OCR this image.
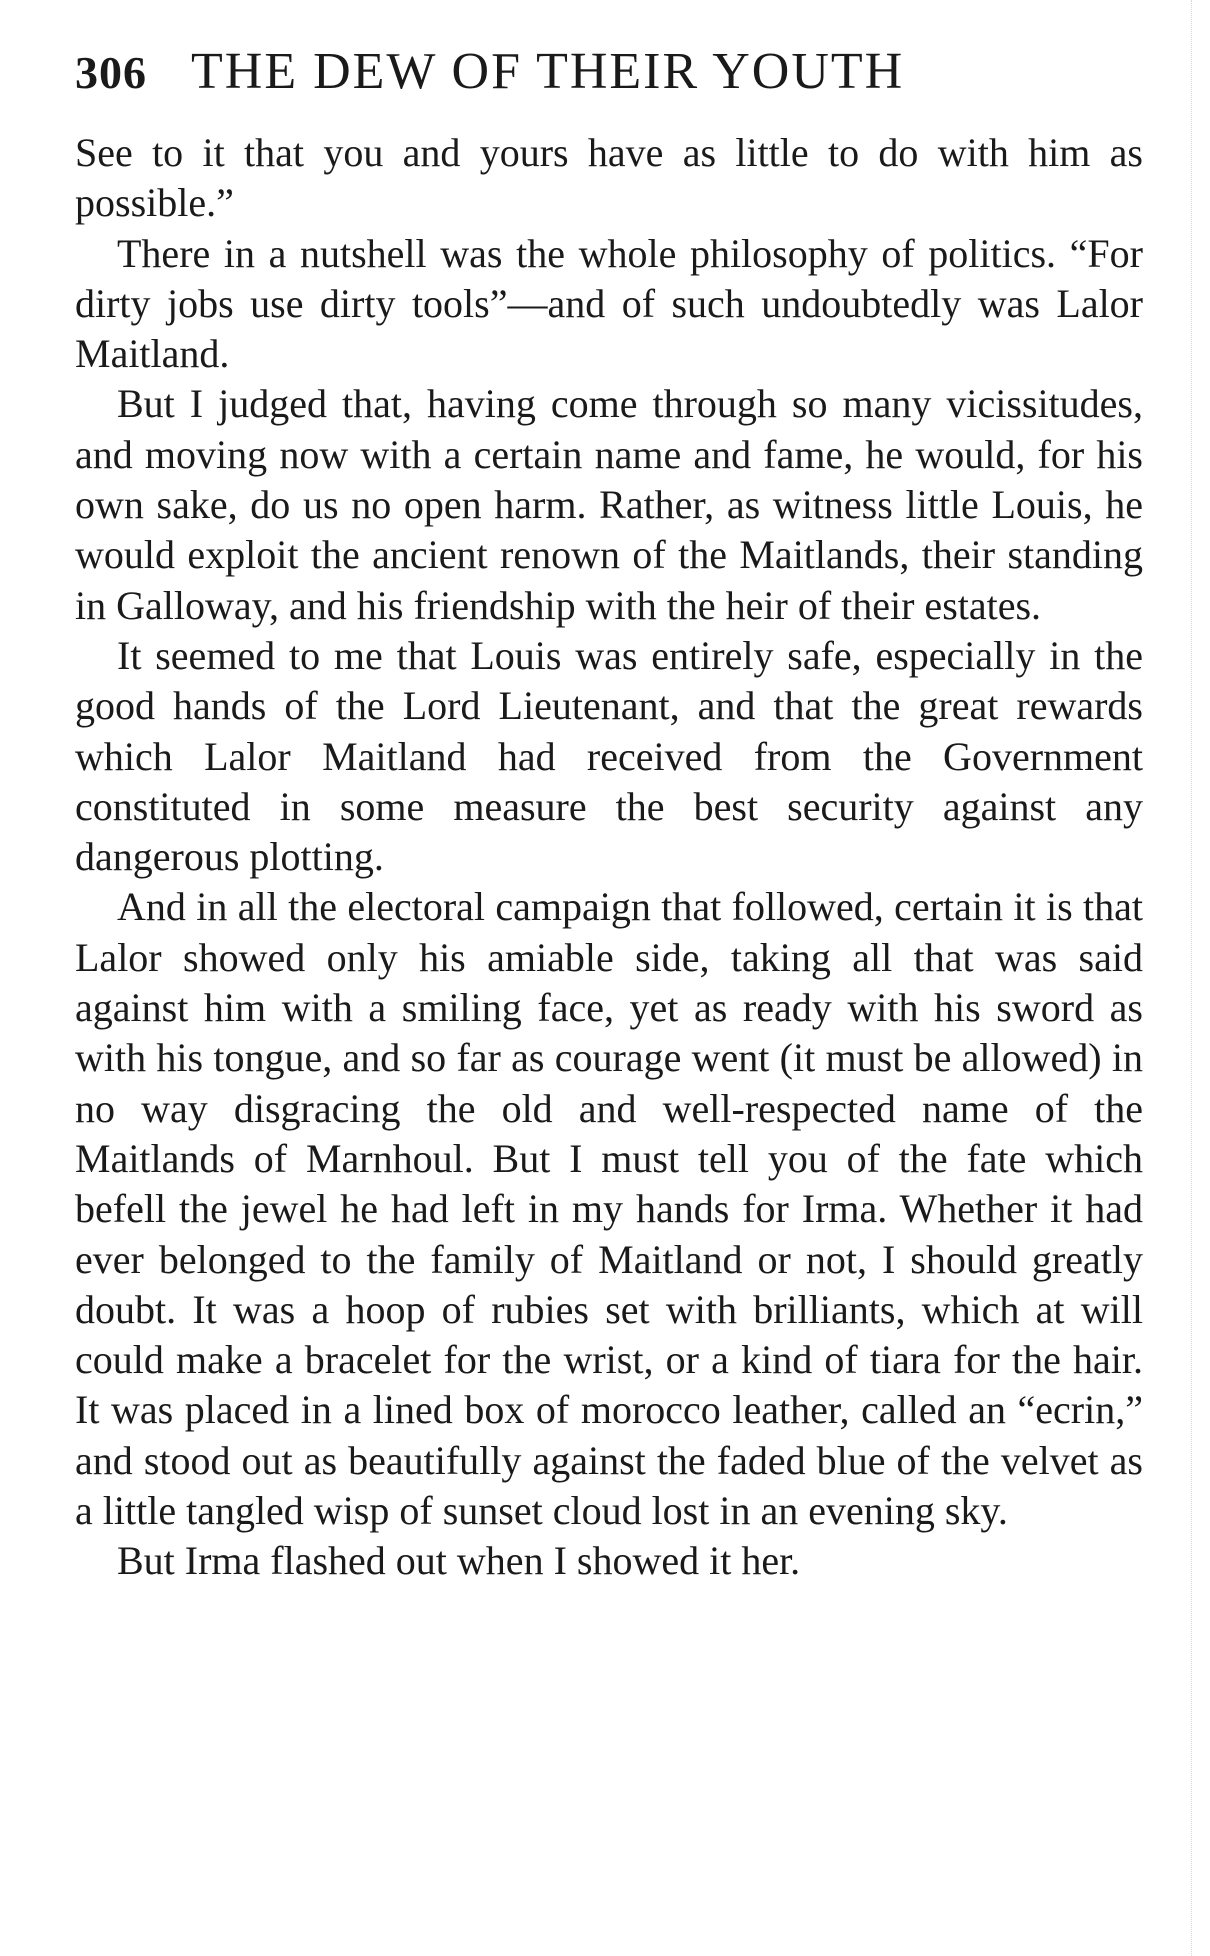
306 THE DEW OF THEIR YOUTH

See to it that you and yours have as little to do with him as possible.”

There in a nutshell was the whole philosophy of politics. “For dirty jobs use dirty tools”—and of such undoubtedly was Lalor Maitland.

But I judged that, having come through so many vicissitudes, and moving now with a certain name and fame, he would, for his own sake, do us no open harm. Rather, as witness little Louis, he would exploit the ancient renown of the Maitlands, their standing in Galloway, and his friendship with the heir of their estates.

It seemed to me that Louis was entirely safe, especially in the good hands of the Lord Lieutenant, and that the great rewards which Lalor Maitland had received from the Government constituted in some measure the best security against any dangerous plotting.

And in all the electoral campaign that followed, certain it is that Lalor showed only his amiable side, taking all that was said against him with a smiling face, yet as ready with his sword as with his tongue, and so far as courage went (it must be allowed) in no way disgracing the old and well-respected name of the Maitlands of Marnhoul. But I must tell you of the fate which befell the jewel he had left in my hands for Irma. Whether it had ever belonged to the family of Maitland or not, I should greatly doubt. It was a hoop of rubies set with brilliants, which at will could make a bracelet for the wrist, or a kind of tiara for the hair. It was placed in a lined box of morocco leather, called an “ecrin,” and stood out as beautifully against the faded blue of the velvet as a little tangled wisp of sunset cloud lost in an evening sky.

But Irma flashed out when I showed it her.
